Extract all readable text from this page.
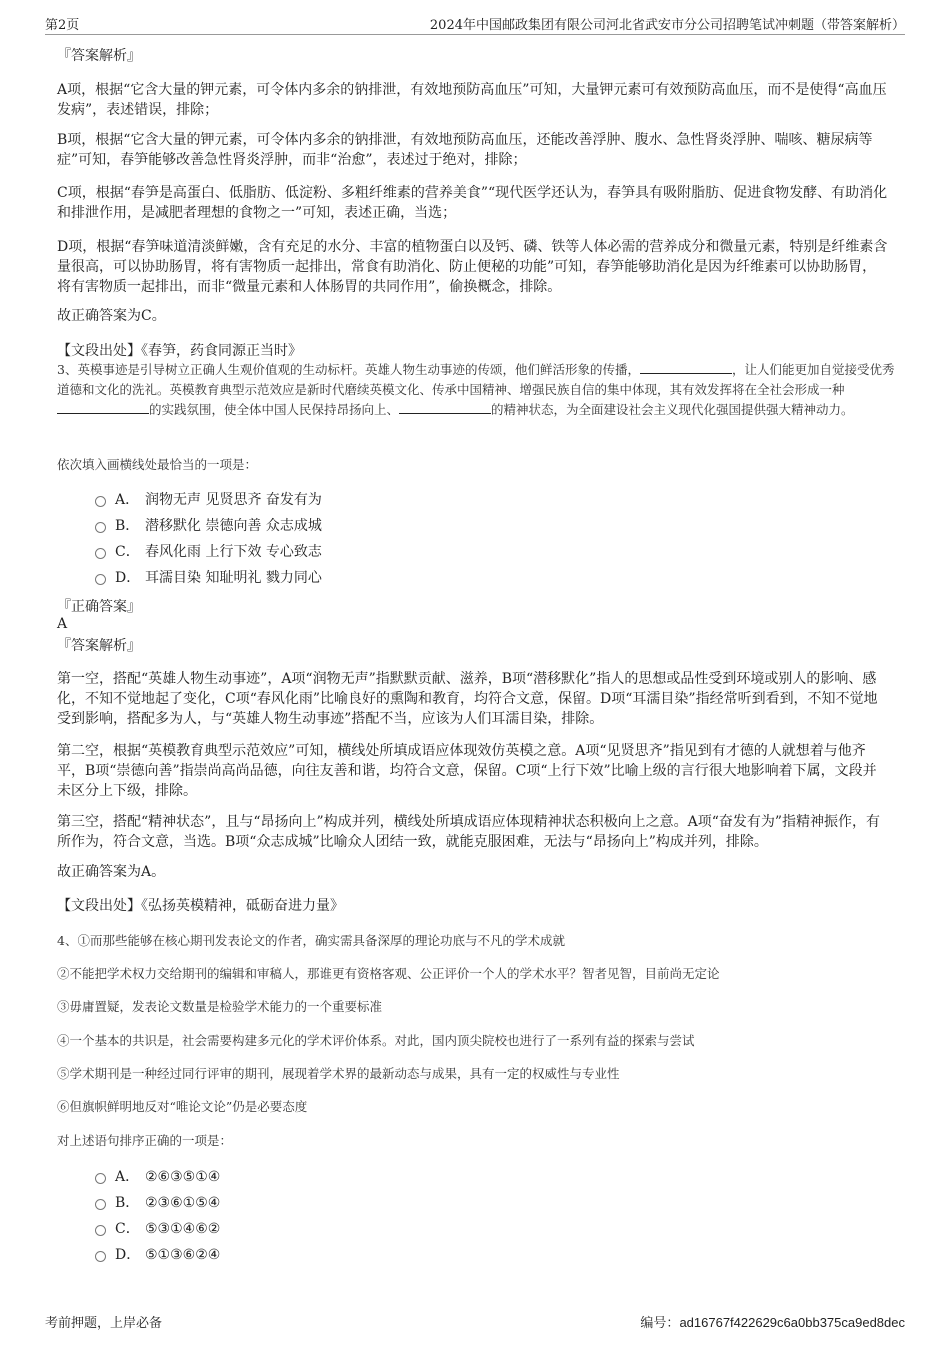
第2页	2024年中国邮政集团有限公司河北省武安市分公司招聘笔试冲刺题（带答案解析）
『答案解析』
A项，根据“它含大量的钾元素，可令体内多余的钠排泄，有效地预防高血压”可知，大量钾元素可有效预防高血压，而不是使得“高血压发病”，表述错误，排除；
B项，根据“它含大量的钾元素，可令体内多余的钠排泄，有效地预防高血压，还能改善浮肿、腹水、急性肾炎浮肿、喘咳、糖尿病等症”可知，春笋能够改善急性肾炎浮肿，而非“治愈”，表述过于绝对，排除；
C项，根据“春笋是高蛋白、低脂肪、低淀粉、多粗纤维素的营养美食”“现代医学还认为，春笋具有吸附脂肪、促进食物发酵、有助消化和排泄作用，是减肥者理想的食物之一”可知，表述正确，当选；
D项，根据“春笋味道清淡鲜嫩，含有充足的水分、丰富的植物蛋白以及钙、磷、铁等人体必需的营养成分和微量元素，特别是纤维素含量很高，可以协助肠胃，将有害物质一起排出，常食有助消化、防止便秘的功能”可知，春笋能够助消化是因为纤维素可以协助肠胃，将有害物质一起排出，而非“微量元素和人体肠胃的共同作用”，偷换概念，排除。
故正确答案为C。
【文段出处】《春笋，药食同源正当时》
3、英模事迹是引导树立正确人生观价值观的生动标杆。英雄人物生动事迹的传颂，他们鲜活形象的传播，	，让人们能更加自觉接受优秀道德和文化的洗礼。英模教育典型示范效应是新时代磨续英模文化、传承中国精神、增强民族自信的集中体现，其有效发挥将在全社会形成一种的实践氛围，使全体中国人民保持昂扬向上、	的精神状态，为全面建设社会主义现代化强国提供强大精神动力。
依次填入画横线处最恰当的一项是：
A． 润物无声 见贤思齐 奋发有为
B． 潜移默化 崇德向善 众志成城
C． 春风化雨 上行下效 专心致志
D． 耳濡目染 知耻明礼 戮力同心
『正确答案』
A
『答案解析』
第一空，搭配“英雄人物生动事迹”，A项“润物无声”指默默贡献、滋养，B项“潜移默化”指人的思想或品性受到环境或别人的影响、感化，不知不觉地起了变化，C项“春风化雨”比喻良好的熏陶和教育，均符合文意，保留。D项“耳濡目染”指经常听到看到，不知不觉地受到影响，搭配多为人，与“英雄人物生动事迹”搭配不当，应该为人们耳濡目染，排除。
第二空，根据“英模教育典型示范效应”可知，横线处所填成语应体现效仿英模之意。A项“见贤思齐”指见到有才德的人就想着与他齐平，B项“崇德向善”指崇尚高尚品德，向往友善和谐，均符合文意，保留。C项“上行下效”比喻上级的言行很大地影响着下属，文段并未区分上下级，排除。
第三空，搭配“精神状态”，且与“昂扬向上”构成并列，横线处所填成语应体现精神状态积极向上之意。A项“奋发有为”指精神振作，有所作为，符合文意，当选。B项“众志成城”比喻众人团结一致，就能克服困难，无法与“昂扬向上”构成并列，排除。
故正确答案为A。
【文段出处】《弘扬英模精神，砥砺奋进力量》
4、①而那些能够在核心期刊发表论文的作者，确实需具备深厚的理论功底与不凡的学术成就
②不能把学术权力交给期刊的编辑和审稿人，那谁更有资格客观、公正评价一个人的学术水平？智者见智，目前尚无定论
③毋庸置疑，发表论文数量是检验学术能力的一个重要标准
④一个基本的共识是，社会需要构建多元化的学术评价体系。对此，国内顶尖院校也进行了一系列有益的探索与尝试
⑤学术期刊是一种经过同行评审的期刊，展现着学术界的最新动态与成果，具有一定的权威性与专业性
⑥但旗帜鲜明地反对“唯论文论”仍是必要态度
对上述语句排序正确的一项是：
A． ②⑥③⑤①④
B． ②③⑥①⑤④
C． ⑤③①④⑥②
D． ⑤①③⑥②④
考前押题，上岸必备	编号：ad16767f422629c6a0bb375ca9ed8dec
